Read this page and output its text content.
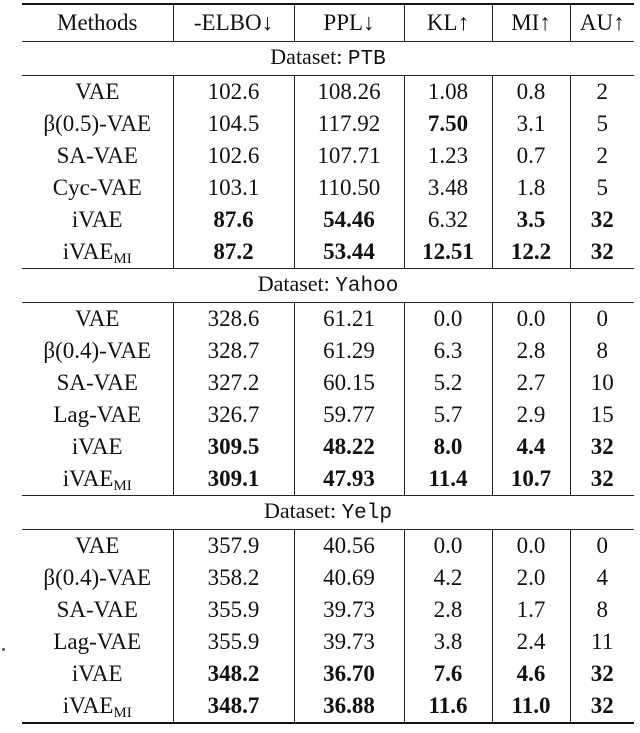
Methods	-ELBO↓	PPL↓	KL↑	MI↑	AU↑
Dataset: PTB					
VAE	102.6	108.26	1.08	0.8	2
β(0.5)-VAE	104.5	117.92	7.50	3.1	5
SA-VAE	102.6	107.71	1.23	0.7	2
Cyc-VAE	103.1	110.50	3.48	1.8	5
iVAE	87.6	54.46	6.32	3.5	32
iVAE$_{MI}$	87.2	53.44	12.51	12.2	32
Dataset: Yahoo					
VAE	328.6	61.21	0.0	0.0	0
β(0.4)-VAE	328.7	61.29	6.3	2.8	8
SA-VAE	327.2	60.15	5.2	2.7	10
Lag-VAE	326.7	59.77	5.7	2.9	15
iVAE	309.5	48.22	8.0	4.4	32
iVAE$_{MI}$	309.1	47.93	11.4	10.7	32
Dataset: Yelp					
VAE	357.9	40.56	0.0	0.0	0
β(0.4)-VAE	358.2	40.69	4.2	2.0	4
SA-VAE	355.9	39.73	2.8	1.7	8
Lag-VAE	355.9	39.73	3.8	2.4	11
iVAE	348.2	36.70	7.6	4.6	32
iVAE$_{MI}$	348.7	36.88	11.6	11.0	32
